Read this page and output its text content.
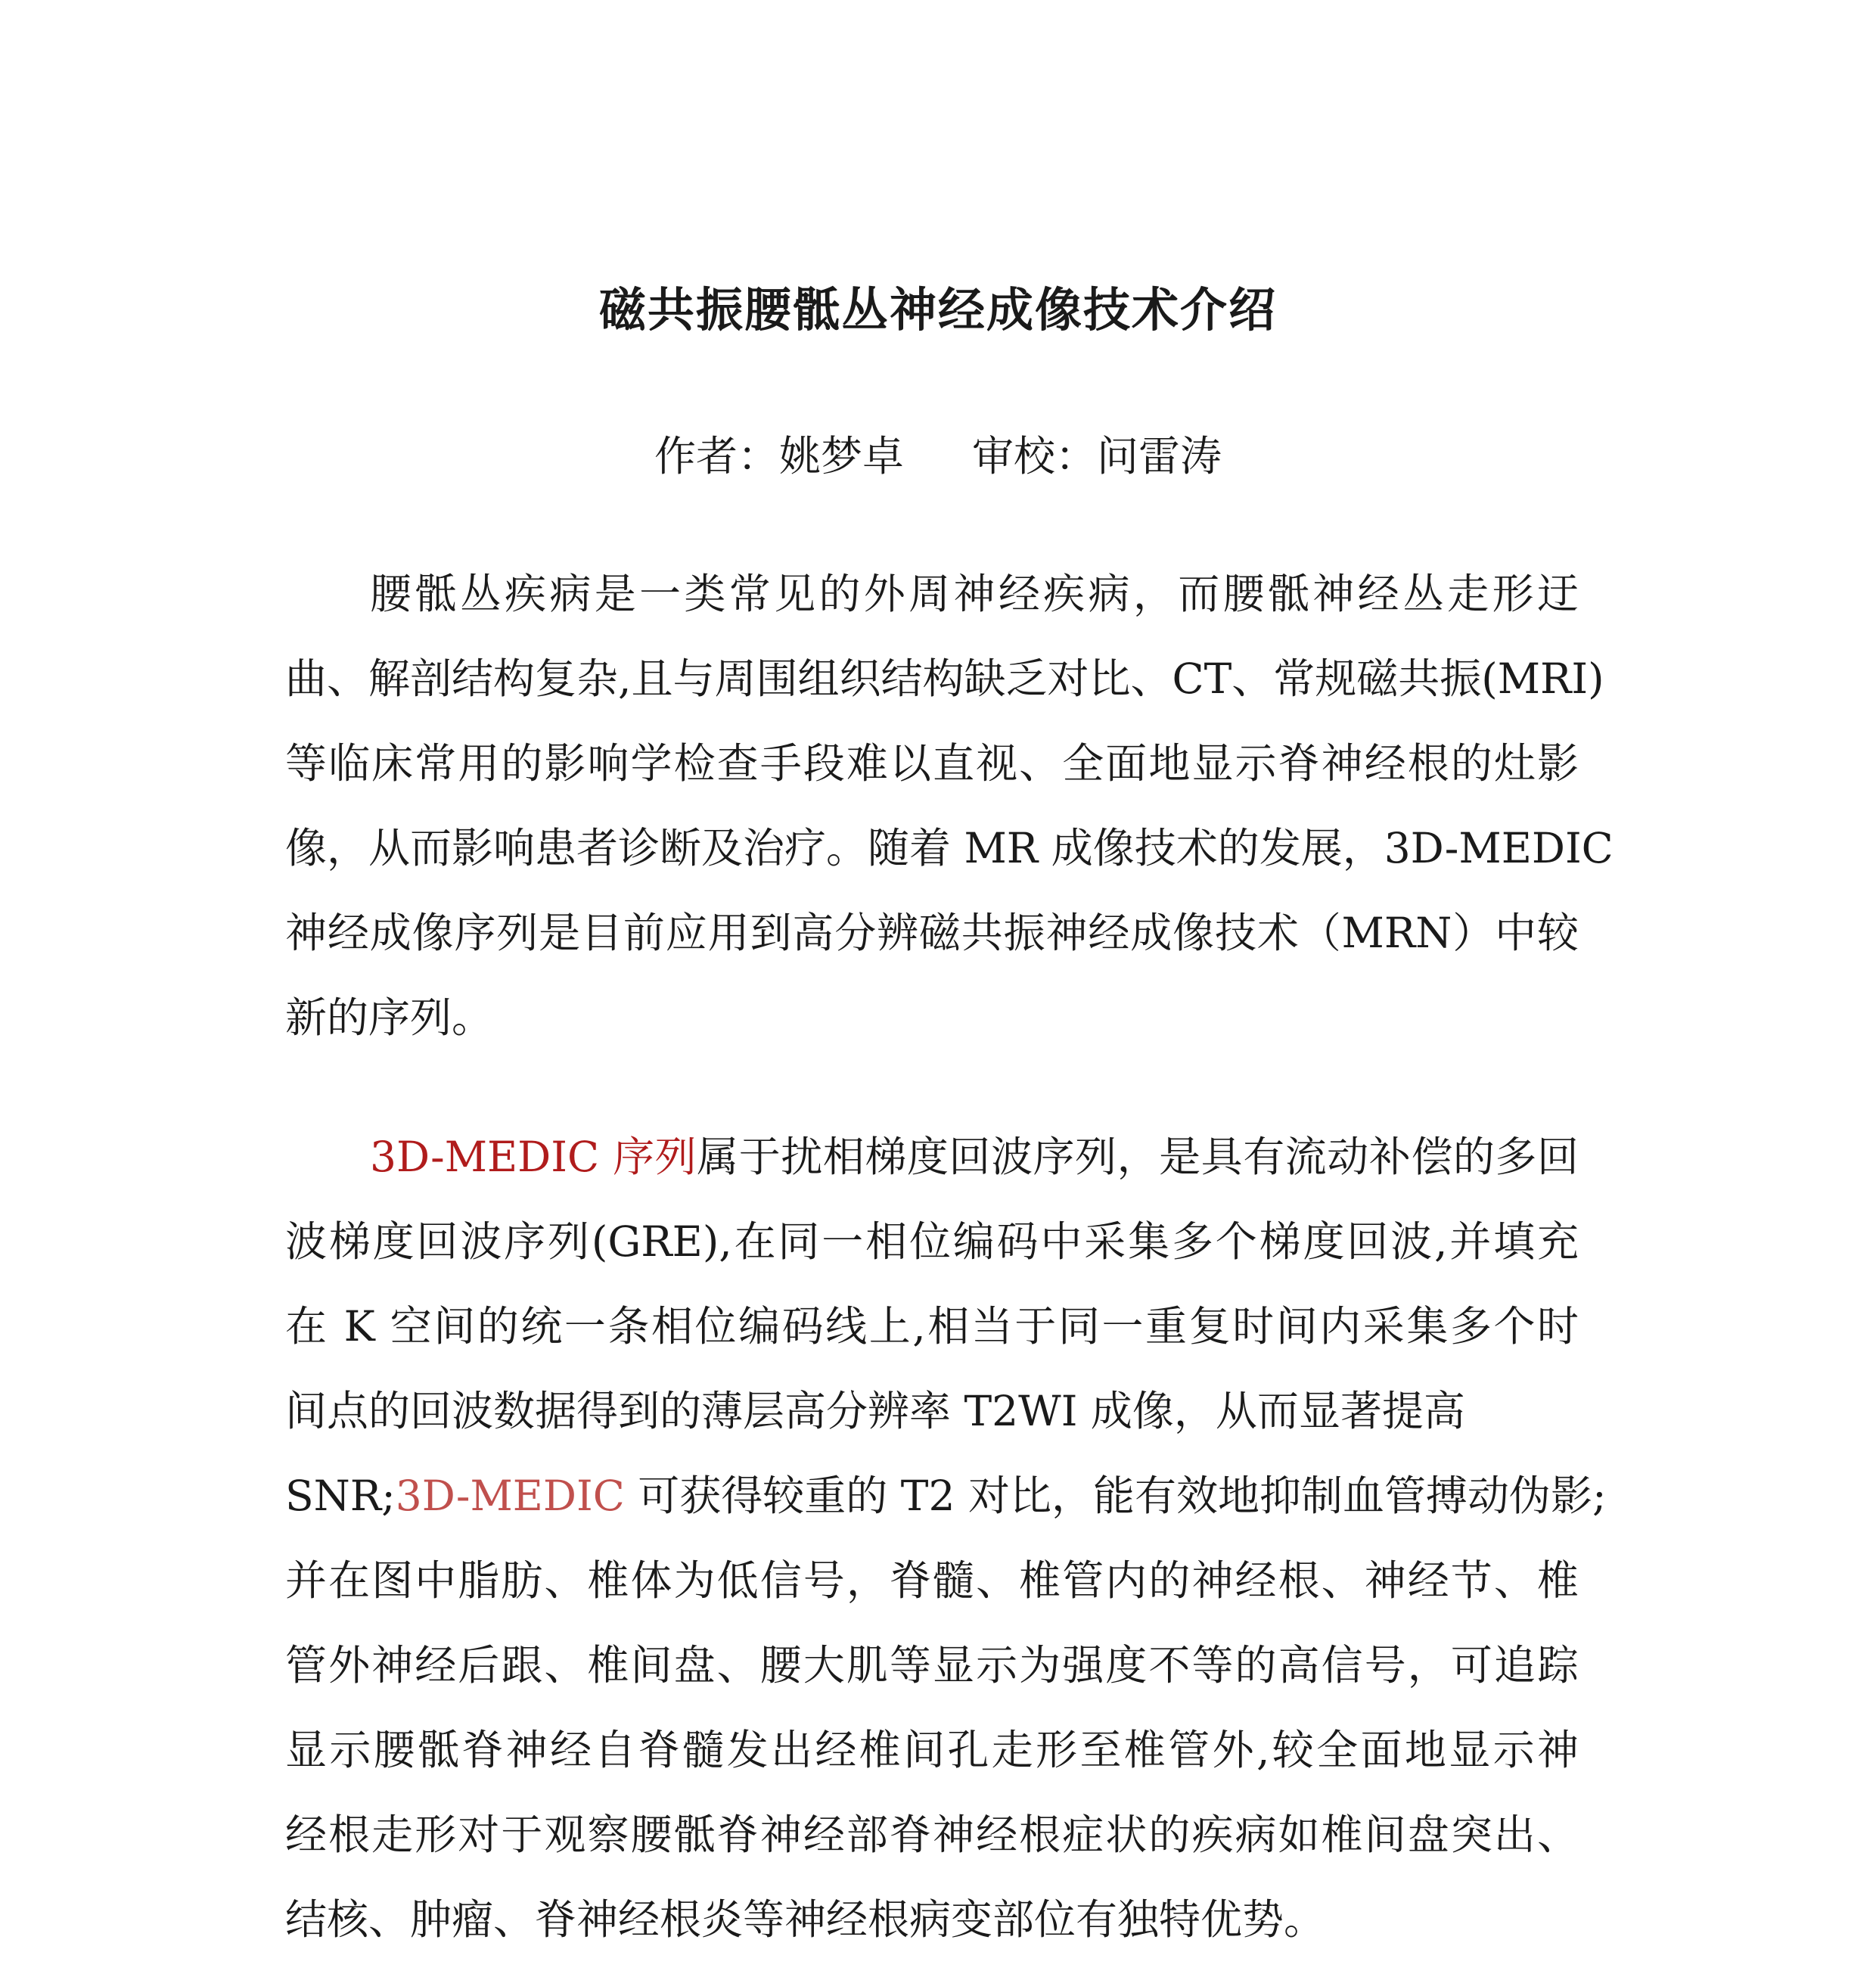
磁共振腰骶丛神经成像技术介绍
作者：姚梦卓 审校：问雷涛
腰骶丛疾病是一类常见的外周神经疾病，而腰骶神经丛走形迂
曲、解剖结构复杂,且与周围组织结构缺乏对比、CT、常规磁共振(MRI)
等临床常用的影响学检查手段难以直视、全面地显示脊神经根的灶影
像，从而影响患者诊断及治疗。随着 MR 成像技术的发展，3D-MEDIC
神经成像序列是目前应用到高分辨磁共振神经成像技术（MRN）中较
新的序列。
3D-MEDIC 序列属于扰相梯度回波序列，是具有流动补偿的多回
波梯度回波序列(GRE),在同一相位编码中采集多个梯度回波,并填充
在 K 空间的统一条相位编码线上,相当于同一重复时间内采集多个时
间点的回波数据得到的薄层高分辨率 T2WI 成像，从而显著提高
SNR;3D-MEDIC 可获得较重的 T2 对比，能有效地抑制血管搏动伪影;
并在图中脂肪、椎体为低信号，脊髓、椎管内的神经根、神经节、椎
管外神经后跟、椎间盘、腰大肌等显示为强度不等的高信号，可追踪
显示腰骶脊神经自脊髓发出经椎间孔走形至椎管外,较全面地显示神
经根走形对于观察腰骶脊神经部脊神经根症状的疾病如椎间盘突出、
结核、肿瘤、脊神经根炎等神经根病变部位有独特优势。
